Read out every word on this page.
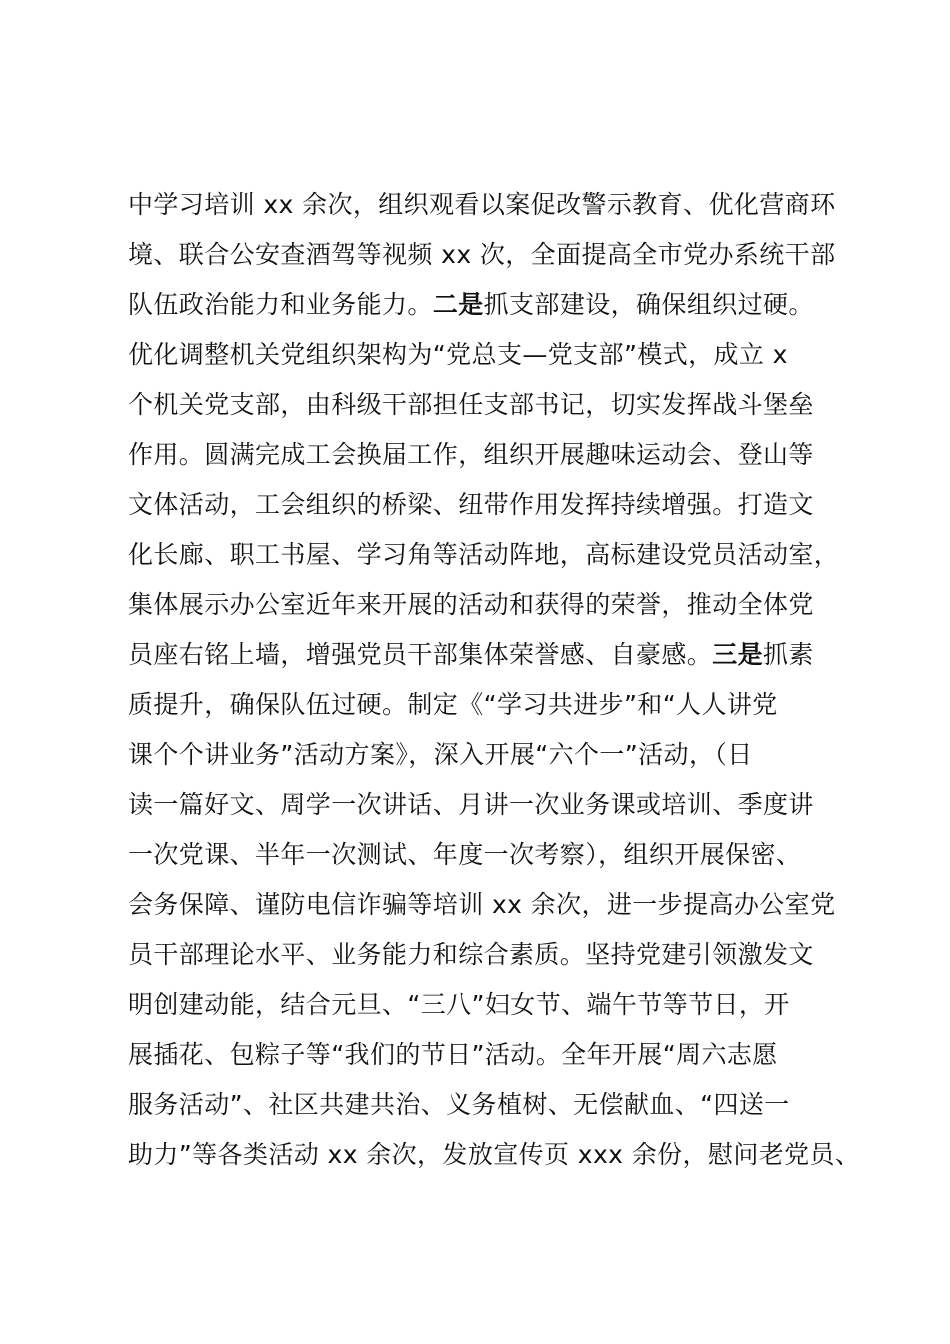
中学习培训 xx 余次，组织观看以案促改警示教育、优化营商环
境、联合公安查酒驾等视频 xx 次，全面提高全市党办系统干部
队伍政治能力和业务能力。二是抓支部建设，确保组织过硬。
优化调整机关党组织架构为“党总支—党支部”模式，成立 x
个机关党支部，由科级干部担任支部书记，切实发挥战斗堡垒
作用。圆满完成工会换届工作，组织开展趣味运动会、登山等
文体活动，工会组织的桥梁、纽带作用发挥持续增强。打造文
化长廊、职工书屋、学习角等活动阵地，高标建设党员活动室，
集体展示办公室近年来开展的活动和获得的荣誉，推动全体党
员座右铭上墙，增强党员干部集体荣誉感、自豪感。三是抓素
质提升，确保队伍过硬。制定《“学习共进步”和“人人讲党
课个个讲业务”活动方案》，深入开展“六个一”活动，（日
读一篇好文、周学一次讲话、月讲一次业务课或培训、季度讲
一次党课、半年一次测试、年度一次考察），组织开展保密、
会务保障、谨防电信诈骗等培训 xx 余次，进一步提高办公室党
员干部理论水平、业务能力和综合素质。坚持党建引领激发文
明创建动能，结合元旦、“三八”妇女节、端午节等节日，开
展插花、包粽子等“我们的节日”活动。全年开展“周六志愿
服务活动”、社区共建共治、义务植树、无偿献血、“四送一
助力”等各类活动 xx 余次，发放宣传页 xxx 余份，慰问老党员、
